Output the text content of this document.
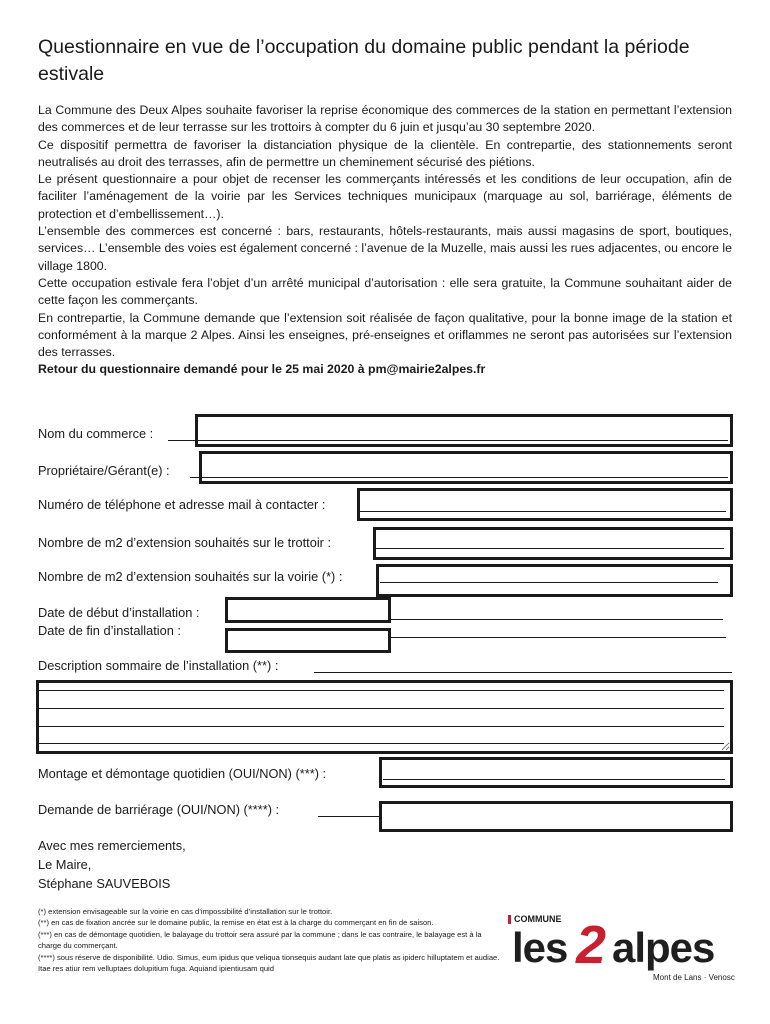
Questionnaire en vue de l’occupation du domaine public pendant la période estivale

La Commune des Deux Alpes souhaite favoriser la reprise économique des commerces de la station en permettant l’extension des commerces et de leur terrasse sur les trottoirs à compter du 6 juin et jusqu’au 30 septembre 2020.

Ce dispositif permettra de favoriser la distanciation physique de la clientèle. En contrepartie, des stationnements seront neutralisés au droit des terrasses, afin de permettre un cheminement sécurisé des piétions.

Le présent questionnaire a pour objet de recenser les commerçants intéressés et les conditions de leur occupation, afin de faciliter l’aménagement de la voirie par les Services techniques municipaux (marquage au sol, barriérage, éléments de protection et d’embellissement…).

L’ensemble des commerces est concerné : bars, restaurants, hôtels-restaurants, mais aussi magasins de sport, boutiques, services… L’ensemble des voies est également concerné : l’avenue de la Muzelle, mais aussi les rues adjacentes, ou encore le village 1800.

Cette occupation estivale fera l’objet d’un arrêté municipal d’autorisation : elle sera gratuite, la Commune souhaitant aider de cette façon les commerçants.

En contrepartie, la Commune demande que l’extension soit réalisée de façon qualitative, pour la bonne image de la station et conformément à la marque 2 Alpes. Ainsi les enseignes, pré-enseignes et oriflammes ne seront pas autorisées sur l’extension des terrasses.

Retour du questionnaire demandé pour le 25 mai 2020 à pm@mairie2alpes.fr

Nom du commerce :
Propriétaire/Gérant(e) :
Numéro de téléphone et adresse mail à contacter :
Nombre de m2 d’extension souhaités sur le trottoir :
Nombre de m2 d’extension souhaités sur la voirie (*) :
Date de début d’installation :
Date de fin d’installation :
Description sommaire de l’installation (**) :
Montage et démontage quotidien (OUI/NON) (***) :
Demande de barriérage (OUI/NON) (****) :
Avec mes remerciements,
Le Maire,
Stéphane SAUVEBOIS
(*) extension envisageable sur la voirie en cas d’impossibilité d’installation sur le trottoir.
(**) en cas de fixation ancrée sur le domaine public, la remise en état est à la charge du commerçant en fin de saison.
(***) en cas de démontage quotidien, le balayage du trottoir sera assuré par la commune ; dans le cas contraire, le balayage est à la charge du commerçant.
(****) sous réserve de disponibilité. Udio. Simus, eum ipidus que veliqua tionsequis audant late que platis as ipiderc hilluptatem et audiae. Itae res atiur rem velluptaes dolupitium fuga. Aquiand ipientiusam quid
COMMUNE
les 2 alpes
Mont de Lans · Venosc
